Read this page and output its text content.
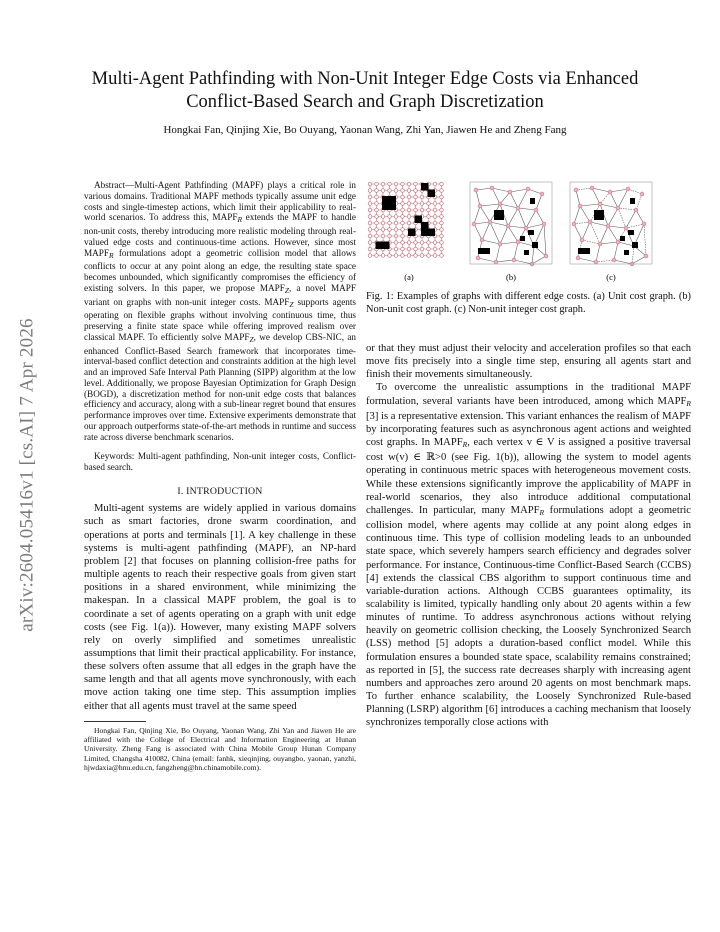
arXiv:2604.05416v1 [cs.AI] 7 Apr 2026
Multi-Agent Pathfinding with Non-Unit Integer Edge Costs via Enhanced
Conflict-Based Search and Graph Discretization
Hongkai Fan, Qinjing Xie, Bo Ouyang, Yaonan Wang, Zhi Yan, Jiawen He and Zheng Fang

Abstract—Multi-Agent Pathfinding (MAPF) plays a critical role in various domains. Traditional MAPF methods typically assume unit edge costs and single-timestep actions, which limit their applicability to real-world scenarios. To address this, $MAPF_R$ extends the MAPF to handle non-unit costs, thereby introducing more realistic modeling through real-valued edge costs and continuous-time actions. However, since most $MAPF_R$ formulations adopt a geometric collision model that allows conflicts to occur at any point along an edge, the resulting state space becomes unbounded, which significantly compromises the efficiency of existing solvers. In this paper, we propose $MAPF_Z$, a novel MAPF variant on graphs with non-unit integer costs. $MAPF_Z$ supports agents operating on flexible graphs without involving continuous time, thus preserving a finite state space while offering improved realism over classical MAPF. To efficiently solve $MAPF_Z$, we develop CBS-NIC, an enhanced Conflict-Based Search framework that incorporates time-interval-based conflict detection and constraints addition at the high level and an improved Safe Interval Path Planning (SIPP) algorithm at the low level. Additionally, we propose Bayesian Optimization for Graph Design (BOGD), a discretization method for non-unit edge costs that balances efficiency and accuracy, along with a sub-linear regret bound that ensures performance improves over time. Extensive experiments demonstrate that our approach outperforms state-of-the-art methods in runtime and success rate across diverse benchmark scenarios.

Keywords: Multi-agent pathfinding, Non-unit integer costs, Conflict-based search.

I. INTRODUCTION

Multi-agent systems are widely applied in various domains such as smart factories, drone swarm coordination, and operations at ports and terminals [1]. A key challenge in these systems is multi-agent pathfinding (MAPF), an NP-hard problem [2] that focuses on planning collision-free paths for multiple agents to reach their respective goals from given start positions in a shared environment, while minimizing the makespan. In a classical MAPF problem, the goal is to coordinate a set of agents operating on a graph with unit edge costs (see Fig. 1(a)). However, many existing MAPF solvers rely on overly simplified and sometimes unrealistic assumptions that limit their practical applicability. For instance, these solvers often assume that all edges in the graph have the same length and that all agents move synchronously, with each move action taking one time step. This assumption implies either that all agents must travel at the same speed

Hongkai Fan, Qinjing Xie, Bo Ouyang, Yaonan Wang, Zhi Yan and Jiawen He are affiliated with the College of Electrical and Information Engineering at Hunan University. Zheng Fang is associated with China Mobile Group Hunan Company Limited, Changsha 410082, China (email: fanhk, xieqinjing, ouyangbo, yaonan, yanzhi, hjwdaxia@hnu.edu.cn, fangzheng@hn.chinamobile.com).

(a)	(b)	(c)

Fig. 1: Examples of graphs with different edge costs. (a) Unit cost graph. (b) Non-unit cost graph. (c) Non-unit integer cost graph.

or that they must adjust their velocity and acceleration profiles so that each move fits precisely into a single time step, ensuring all agents start and finish their movements simultaneously.

To overcome the unrealistic assumptions in the traditional MAPF formulation, several variants have been introduced, among which $MAPF_R$ [3] is a representative extension. This variant enhances the realism of MAPF by incorporating features such as asynchronous agent actions and weighted cost graphs. In $MAPF_R$, each vertex v ∈ V is assigned a positive traversal cost w(v) ∈ ℝ>0 (see Fig. 1(b)), allowing the system to model agents operating in continuous metric spaces with heterogeneous movement costs. While these extensions significantly improve the applicability of MAPF in real-world scenarios, they also introduce additional computational challenges. In particular, many $MAPF_R$ formulations adopt a geometric collision model, where agents may collide at any point along edges in continuous time. This type of collision modeling leads to an unbounded state space, which severely hampers search efficiency and degrades solver performance. For instance, Continuous-time Conflict-Based Search (CCBS) [4] extends the classical CBS algorithm to support continuous time and variable-duration actions. Although CCBS guarantees optimality, its scalability is limited, typically handling only about 20 agents within a few minutes of runtime. To address asynchronous actions without relying heavily on geometric collision checking, the Loosely Synchronized Search (LSS) method [5] adopts a duration-based conflict model. While this formulation ensures a bounded state space, scalability remains constrained; as reported in [5], the success rate decreases sharply with increasing agent numbers and approaches zero around 20 agents on most benchmark maps. To further enhance scalability, the Loosely Synchronized Rule-based Planning (LSRP) algorithm [6] introduces a caching mechanism that loosely synchronizes temporally close actions with
